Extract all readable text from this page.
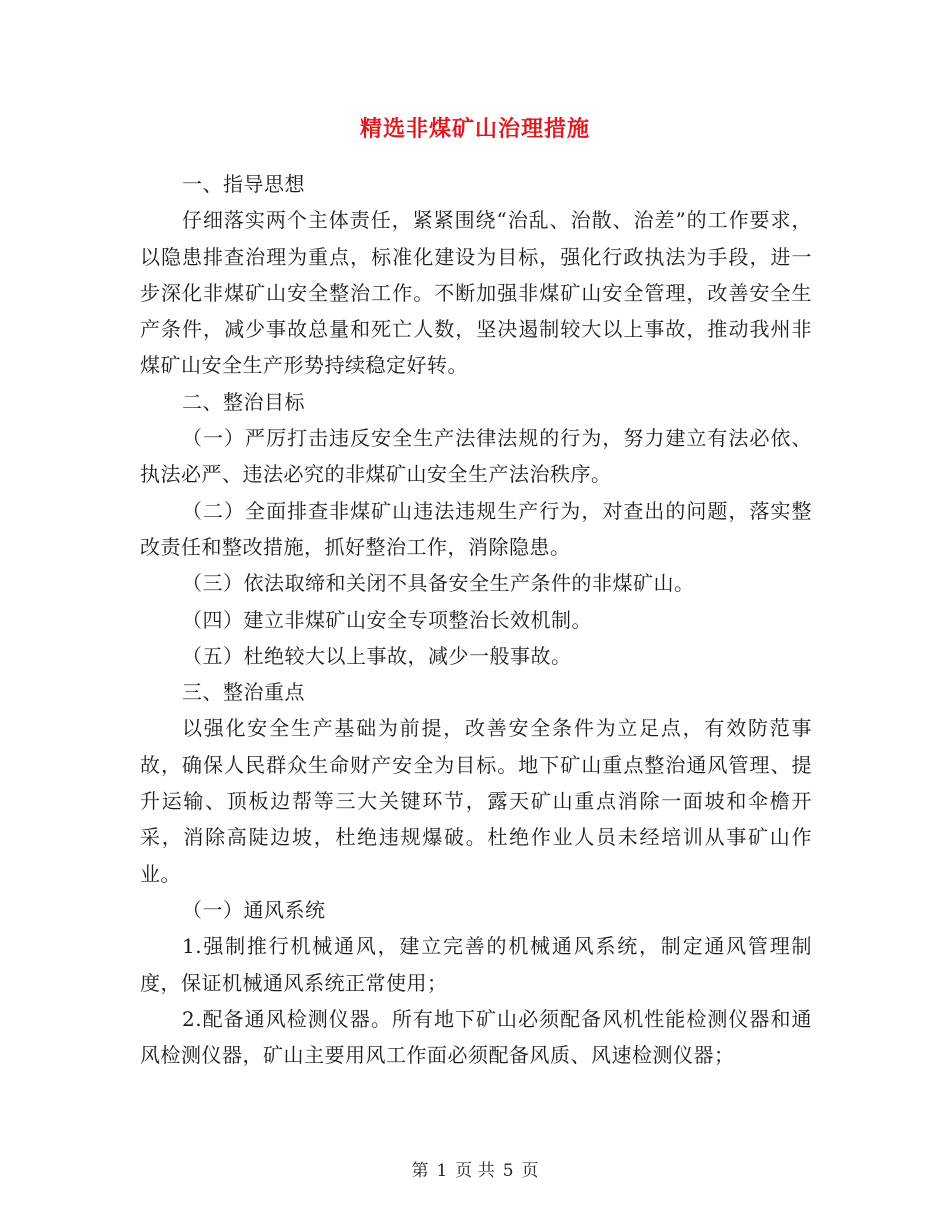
精选非煤矿山治理措施

一、指导思想

仔细落实两个主体责任，紧紧围绕“治乱、治散、治差”的工作要求，以隐患排查治理为重点，标准化建设为目标，强化行政执法为手段，进一步深化非煤矿山安全整治工作。不断加强非煤矿山安全管理，改善安全生产条件，减少事故总量和死亡人数，坚决遏制较大以上事故，推动我州非煤矿山安全生产形势持续稳定好转。

二、整治目标

（一）严厉打击违反安全生产法律法规的行为，努力建立有法必依、执法必严、违法必究的非煤矿山安全生产法治秩序。

（二）全面排查非煤矿山违法违规生产行为，对查出的问题，落实整改责任和整改措施，抓好整治工作，消除隐患。

（三）依法取缔和关闭不具备安全生产条件的非煤矿山。

（四）建立非煤矿山安全专项整治长效机制。

（五）杜绝较大以上事故，减少一般事故。

三、整治重点

以强化安全生产基础为前提，改善安全条件为立足点，有效防范事故，确保人民群众生命财产安全为目标。地下矿山重点整治通风管理、提升运输、顶板边帮等三大关键环节，露天矿山重点消除一面坡和伞檐开采，消除高陡边坡，杜绝违规爆破。杜绝作业人员未经培训从事矿山作业。

（一）通风系统

1.强制推行机械通风，建立完善的机械通风系统，制定通风管理制度，保证机械通风系统正常使用；

2.配备通风检测仪器。所有地下矿山必须配备风机性能检测仪器和通风检测仪器，矿山主要用风工作面必须配备风质、风速检测仪器；

第 1 页 共 5 页
